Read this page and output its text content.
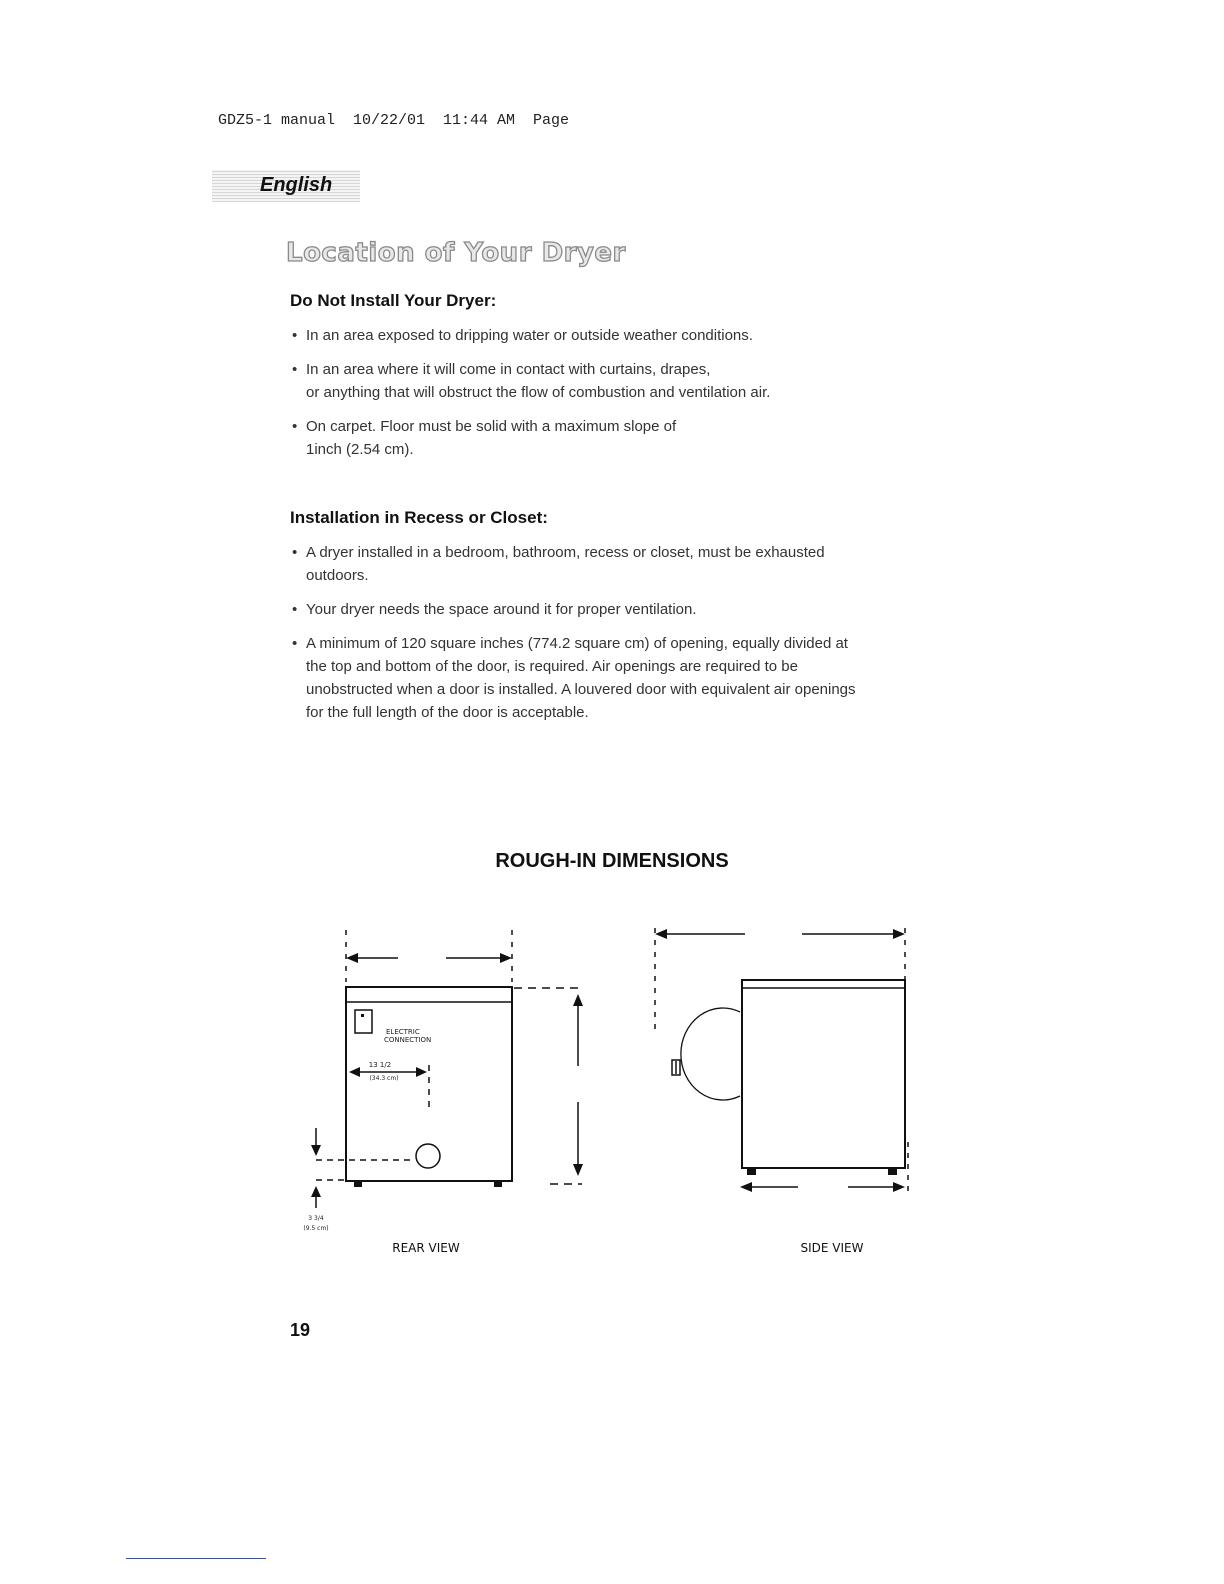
GDZ5-1 manual  10/22/01  11:44 AM  Page
English
Location of Your Dryer
Do Not Install Your Dryer:
• In an area exposed to dripping water or outside weather conditions.
• In an area where it will come in contact with curtains, drapes,
or anything that will obstruct the flow of combustion and ventilation air.
• On carpet. Floor must be solid with a maximum slope of
1inch (2.54 cm).
Installation in Recess or Closet:
• A dryer installed in a bedroom, bathroom, recess or closet, must be exhausted outdoors.
• Your dryer needs the space around it for proper ventilation.
• A minimum of 120 square inches (774.2 square cm) of opening, equally divided at the top and bottom of the door, is required. Air openings are required to be unobstructed when a door is installed. A louvered door with equivalent air openings for the full length of the door is acceptable.
ROUGH-IN DIMENSIONS
ELECTRIC
CONNECTION
13 1/2
(34.3 cm)
3 3/4
(9.5 cm)
REAR VIEW	SIDE VIEW
19
